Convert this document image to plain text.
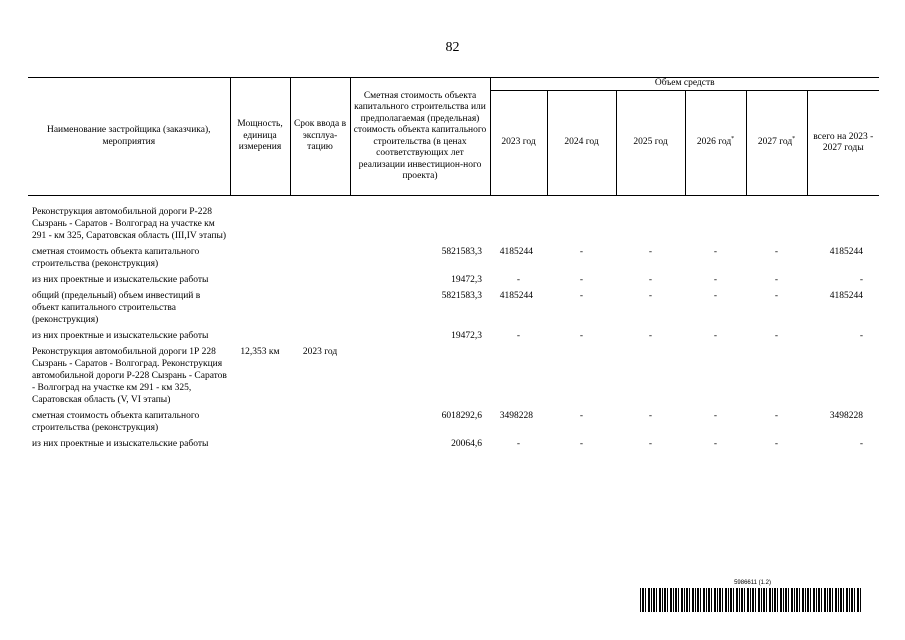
82
Наименование застройщика (заказчика), мероприятия	Мощность, единица измерения	Срок ввода в эксплуа-тацию	Сметная стоимость объекта капитального строительства или предполагаемая (предельная) стоимость объекта капитального строительства (в ценах соответствующих лет реализации инвестицион-ного проекта)	Объем средств					
				2023 год	2024 год	2025 год	2026 год*	2027 год*	всего на 2023 - 2027 годы

Реконструкция автомобильной дороги Р-228 Сызрань - Саратов - Волгоград на участке км 291 - км 325, Саратовская область (III,IV этапы)									
сметная стоимость объекта капитального строительства (реконструкция)			5821583,3	4185244	-	-	-	-	4185244
из них проектные и изыскательские работы			19472,3	-	-	-	-	-	-
общий (предельный) объем инвестиций в объект капитального строительства (реконструкция)			5821583,3	4185244	-	-	-	-	4185244
из них проектные и изыскательские работы			19472,3	-	-	-	-	-	-
Реконструкция автомобильной дороги 1Р 228 Сызрань - Саратов - Волгоград. Реконструкция автомобильной дороги Р-228 Сызрань - Саратов - Волгоград на участке км 291 - км 325, Саратовская область (V, VI этапы)	12,353 км	2023 год							
сметная стоимость объекта капитального строительства (реконструкция)			6018292,6	3498228	-	-	-	-	3498228
из них проектные и изыскательские работы			20064,6	-	-	-	-	-	-
5986611 (1.2)
